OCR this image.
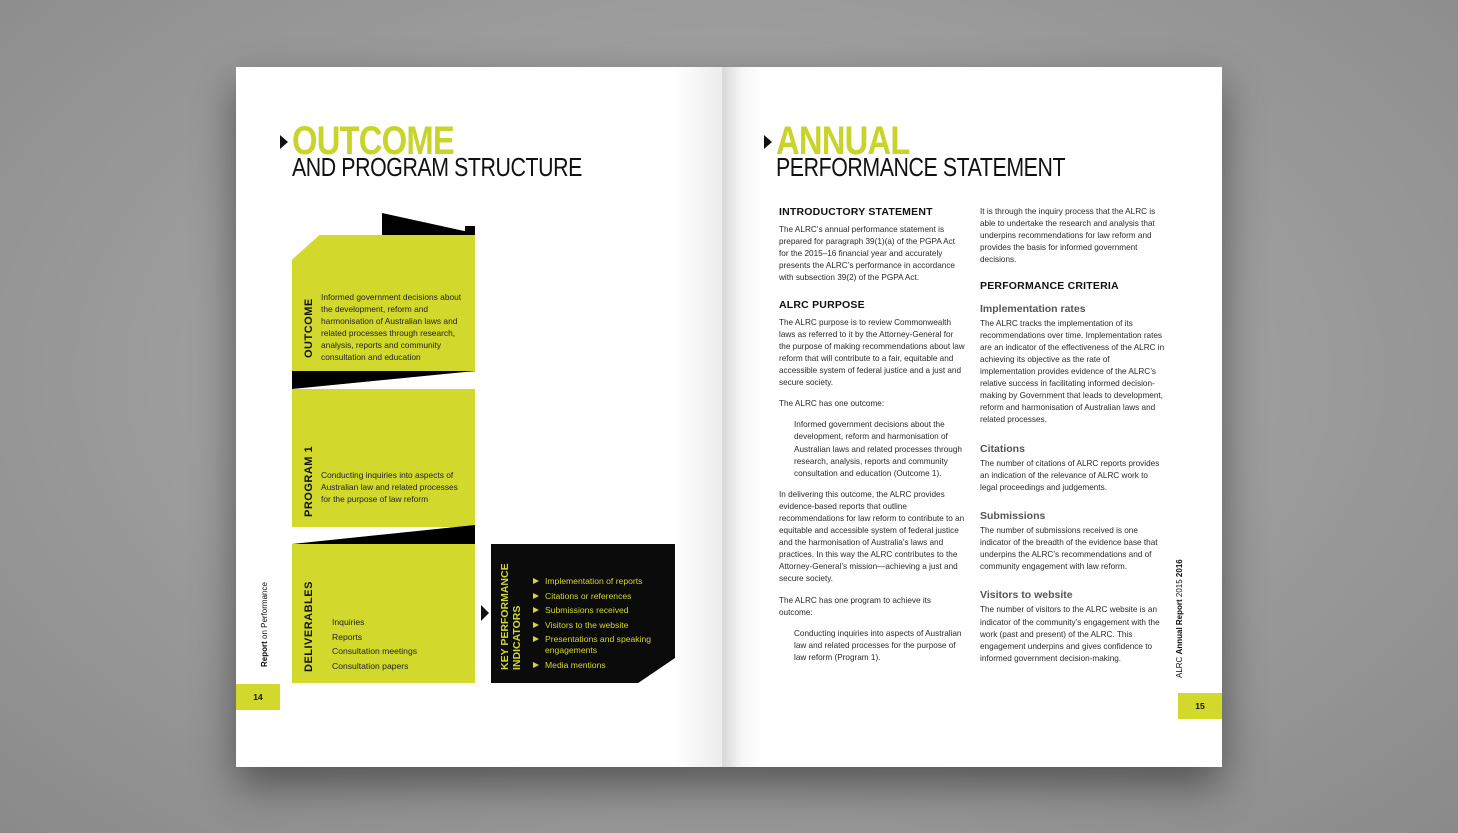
OUTCOME
AND PROGRAM STRUCTURE
OUTCOME
Informed government decisions about the development, reform and harmonisation of Australian laws and related processes through research, analysis, reports and community consultation and education
PROGRAM 1 Conducting inquiries into aspects of Australian law and related processes for the purpose of law reform
DELIVERABLES Inquiries
Reports
Consultation meetings
Consultation papers	KEY PERFORMANCE INDICATORS
Implementation of reports
Citations or references
Submissions received
Visitors to the website
Presentations and speaking engagements
Media mentions
Report on Performance
14
ANNUAL
PERFORMANCE STATEMENT
INTRODUCTORY STATEMENT

The ALRC’s annual performance statement is prepared for paragraph 39(1)(a) of the PGPA Act for the 2015–16 financial year and accurately presents the ALRC’s performance in accordance with subsection 39(2) of the PGPA Act.

ALRC PURPOSE

The ALRC purpose is to review Commonwealth laws as referred to it by the Attorney-General for the purpose of making recommendations about law reform that will contribute to a fair, equitable and accessible system of federal justice and a just and secure society.

The ALRC has one outcome:

Informed government decisions about the development, reform and harmonisation of Australian laws and related processes through research, analysis, reports and community consultation and education (Outcome 1).

In delivering this outcome, the ALRC provides evidence-based reports that outline recommendations for law reform to contribute to an equitable and accessible system of federal justice and the harmonisation of Australia’s laws and practices. In this way the ALRC contributes to the Attorney-General’s mission—achieving a just and secure society.

The ALRC has one program to achieve its outcome:

Conducting inquiries into aspects of Australian law and related processes for the purpose of law reform (Program 1).

It is through the inquiry process that the ALRC is able to undertake the research and analysis that underpins recommendations for law reform and provides the basis for informed government decisions.

PERFORMANCE CRITERIA
Implementation rates

The ALRC tracks the implementation of its recommendations over time. Implementation rates are an indicator of the effectiveness of the ALRC in achieving its objective as the rate of implementation provides evidence of the ALRC’s relative success in facilitating informed decision-making by Government that leads to development, reform and harmonisation of Australian laws and related processes.

Citations

The number of citations of ALRC reports provides an indication of the relevance of ALRC work to legal proceedings and judgements.

Submissions

The number of submissions received is one indicator of the breadth of the evidence base that underpins the ALRC’s recommendations and of community engagement with law reform.

Visitors to website

The number of visitors to the ALRC website is an indicator of the community’s engagement with the work (past and present) of the ALRC. This engagement underpins and gives confidence to informed government decision-making.	ALRC Annual Report 2015 2016
15
